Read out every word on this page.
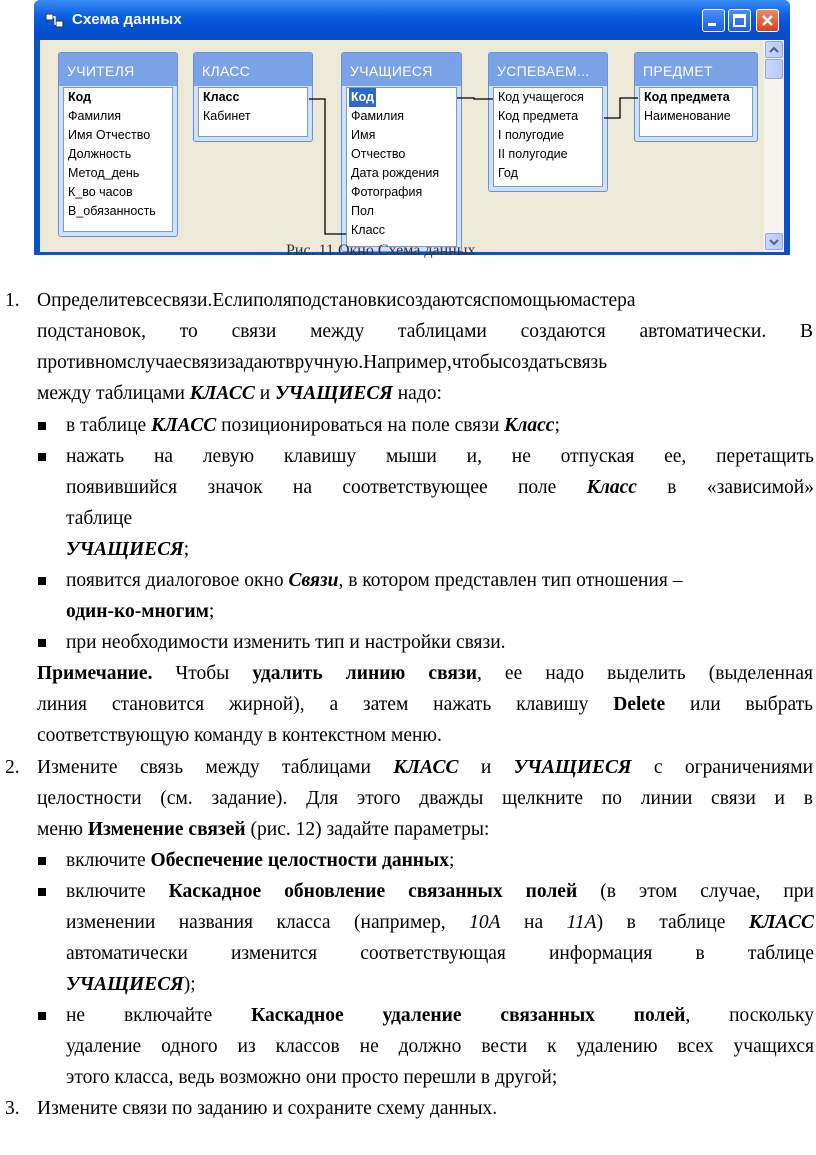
Схема данных
УЧИТЕЛЯ
Код
Фамилия
Имя Отчество
Должность
Метод_день
К_во часов
В_обязанность
КЛАСС
Класс
Кабинет
УЧАЩИЕСЯ
Код
Фамилия
Имя
Отчество
Дата рождения
Фотография
Пол
Класс
УСПЕВАЕМ...
Код учащегося
Код предмета
I полугодие
II полугодие
Год
ПРЕДМЕТ
Код предмета
Наименование
Рис. 11 Окно Схема данных
1. Определитевсесвязи.Еслиполяподстановкисоздаютсяспомощьюмастера
подстановок, то связи между таблицами создаются автоматически. В
противномслучаесвязизадаютвручную.Например,чтобысоздатьсвязь
между таблицами КЛАСС и УЧАЩИЕСЯ надо:
в таблице КЛАСС позиционироваться на поле связи Класс;
нажать на левую клавишу мыши и, не отпуская ее, перетащить
появившийся значок на соответствующее поле Класс в «зависимой»
таблице
УЧАЩИЕСЯ;
появится диалоговое окно Связи, в котором представлен тип отношения –
один-ко-многим;
при необходимости изменить тип и настройки связи.
Примечание. Чтобы удалить линию связи, ее надо выделить (выделенная
линия становится жирной), а затем нажать клавишу Delete или выбрать
соответствующую команду в контекстном меню.
2. Измените связь между таблицами КЛАСС и УЧАЩИЕСЯ с ограничениями
целостности (см. задание). Для этого дважды щелкните по линии связи и в
меню Изменение связей (рис. 12) задайте параметры:
включите Обеспечение целостности данных;
включите Каскадное обновление связанных полей (в этом случае, при
изменении названия класса (например, 10А на 11А) в таблице КЛАСС
автоматически изменится соответствующая информация в таблице
УЧАЩИЕСЯ);
не включайте Каскадное удаление связанных полей, поскольку
удаление одного из классов не должно вести к удалению всех учащихся
этого класса, ведь возможно они просто перешли в другой;
3. Измените связи по заданию и сохраните схему данных.
